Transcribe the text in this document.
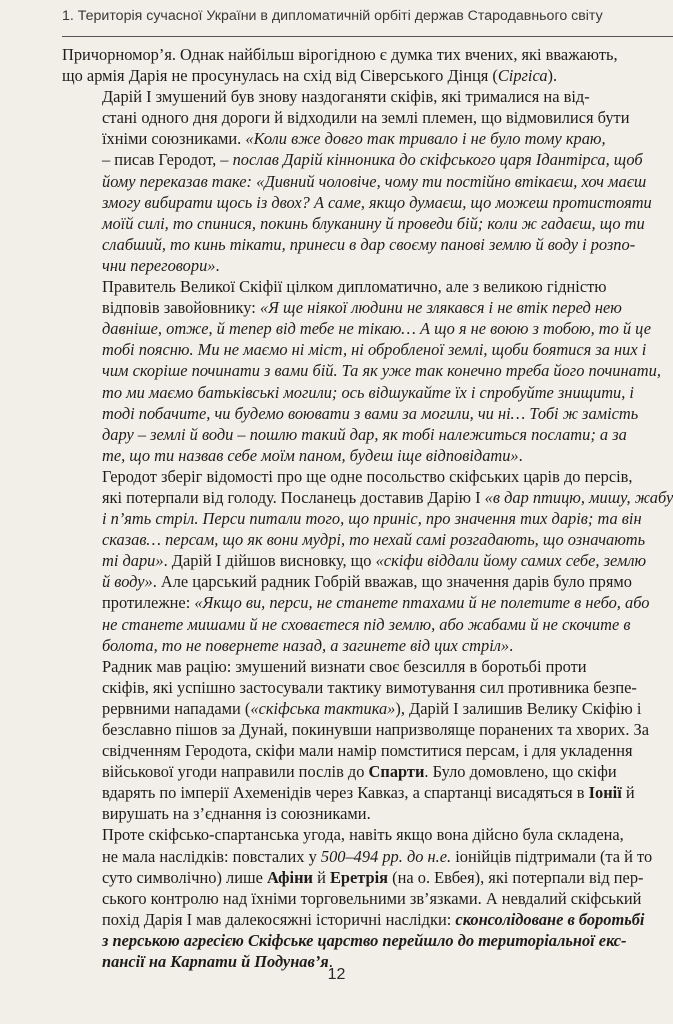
1. Територія сучасної України в дипломатичній орбіті держав Стародавнього світу

Причорномор’я. Однак найбільш вірогідною є думка тих вчених, які вважають,
що армія Дарія не просунулась на схід від Сіверського Дінця (Сіргіса).

Дарій І змушений був знову наздоганяти скіфів, які трималися на від-
стані одного дня дороги й відходили на землі племен, що відмовилися бути
їхніми союзниками. «Коли вже довго так тривало і не було тому краю,
– писав Геродот, – послав Дарій кінноника до скіфського царя Ідантірса, щоб
йому переказав таке: «Дивний чоловіче, чому ти постійно втікаєш, хоч маєш
змогу вибирати щось із двох? А саме, якщо думаєш, що можеш протистояти
моїй силі, то спинися, покинь блуканину й проведи бій; коли ж гадаєш, що ти
слабший, то кинь тікати, принеси в дар своєму панові землю й воду і розпо-
чни переговори».

Правитель Великої Скіфії цілком дипломатично, але з великою гідністю
відповів завойовнику: «Я ще ніякої людини не злякався і не втік перед нею
давніше, отже, й тепер від тебе не тікаю… А що я не воюю з тобою, то й це
тобі поясню. Ми не маємо ні міст, ні обробленої землі, щоби боятися за них і
чим скоріше починати з вами бій. Та як уже так конечно треба його починати,
то ми маємо батьківські могили; ось відшукайте їх і спробуйте знищити, і
тоді побачите, чи будемо воювати з вами за могили, чи ні… Тобі ж замість
дару – землі й води – пошлю такий дар, як тобі належиться послати; а за
те, що ти назвав себе моїм паном, будеш іще відповідати».

Геродот зберіг відомості про ще одне посольство скіфських царів до персів,
які потерпали від голоду. Посланець доставив Дарію І «в дар птицю, мишу, жабу
і п’ять стріл. Перси питали того, що приніс, про значення тих дарів; та він
сказав… персам, що як вони мудрі, то нехай самі розгадають, що означають
ті дари». Дарій І дійшов висновку, що «скіфи віддали йому самих себе, землю
й воду». Але царський радник Гобрій вважав, що значення дарів було прямо
протилежне: «Якщо ви, перси, не станете птахами й не полетите в небо, або
не станете мишами й не сховаєтеся під землю, або жабами й не скочите в
болота, то не повернете назад, а загинете від цих стріл».

Радник мав рацію: змушений визнати своє безсилля в боротьбі проти
скіфів, які успішно застосували тактику вимотування сил противника безпе-
рервними нападами («скіфська тактика»), Дарій І залишив Велику Скіфію і
безславно пішов за Дунай, покинувши напризволяще поранених та хворих. За
свідченням Геродота, скіфи мали намір помститися персам, і для укладення
військової угоди направили послів до Спарти. Було домовлено, що скіфи
вдарять по імперії Ахеменідів через Кавказ, а спартанці висадяться в Іонії й
вирушать на з’єднання із союзниками.

Проте скіфсько-спартанська угода, навіть якщо вона дійсно була складена,
не мала наслідків: повсталих у 500–494 рр. до н.е. іонійців підтримали (та й то
суто символічно) лише Афіни й Еретрія (на о. Евбея), які потерпали від пер-
ського контролю над їхніми торговельними зв’язками. А невдалий скіфський
похід Дарія І мав далекосяжні історичні наслідки: сконсолідоване в боротьбі
з перською агресією Скіфське царство перейшло до територіальної екс-
пансії на Карпати й Подунав’я.

12
